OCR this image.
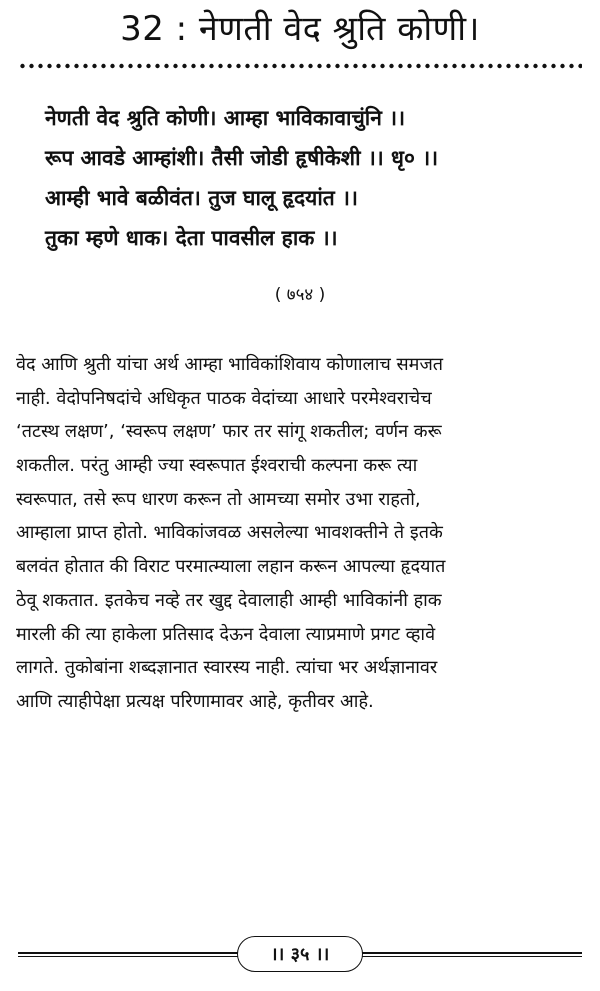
32 : नेणती वेद श्रुति कोणी।
नेणती वेद श्रुति कोणी। आम्हा भाविकावाचुंनि ।।
रूप आवडे आम्हांशी। तैसी जोडी हृषीकेशी ।। धृ० ।।
आम्ही भावे बळीवंत। तुज घालू हृदयांत ।।
तुका म्हणे धाक। देता पावसील हाक ।।
( ७५४ )

वेद आणि श्रुती यांचा अर्थ आम्हा भाविकांशिवाय कोणालाच समजत

नाही. वेदोपनिषदांचे अधिकृत पाठक वेदांच्या आधारे परमेश्वराचेच

‘तटस्थ लक्षण’, ‘स्वरूप लक्षण’ फार तर सांगू शकतील; वर्णन करू

शकतील. परंतु आम्ही ज्या स्वरूपात ईश्वराची कल्पना करू त्या

स्वरूपात, तसे रूप धारण करून तो आमच्या समोर उभा राहतो,

आम्हाला प्राप्त होतो. भाविकांजवळ असलेल्या भावशक्तीने ते इतके

बलवंत होतात की विराट परमात्म्याला लहान करून आपल्या हृदयात

ठेवू शकतात. इतकेच नव्हे तर खुद्द देवालाही आम्ही भाविकांनी हाक

मारली की त्या हाकेला प्रतिसाद देऊन देवाला त्याप्रमाणे प्रगट व्हावे

लागते. तुकोबांना शब्दज्ञानात स्वारस्य नाही. त्यांचा भर अर्थज्ञानावर

आणि त्याहीपेक्षा प्रत्यक्ष परिणामावर आहे, कृतीवर आहे.

।। ३५ ।।
